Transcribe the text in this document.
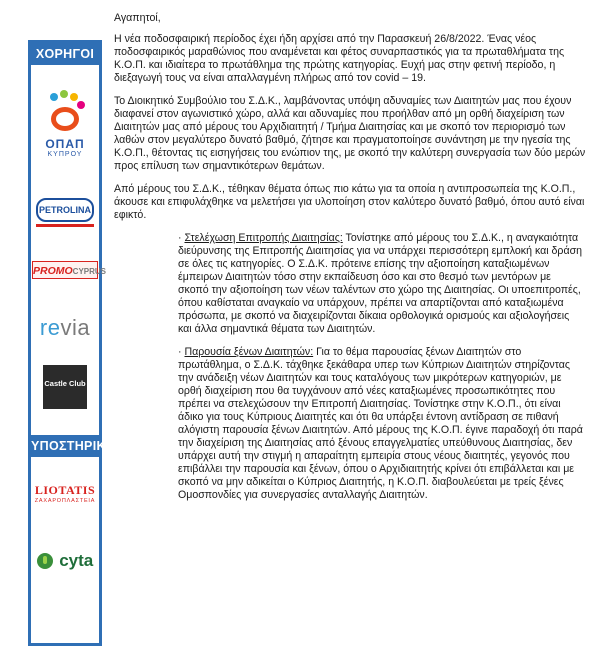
ΧΟΡΗΓΟΙ
ΟΠΑΠ
ΚΥΠΡΟΥ
PETROLINA
PROMOCYPRUS
revia
Castle Club
ΥΠΟΣΤΗΡΙΚΤΕΣ
LIOTATIS
ΖΑΧΑΡΟΠΛΑΣΤΕΙΑ
cyta

Αγαπητοί,

Η νέα ποδοσφαιρική περίοδος έχει ήδη αρχίσει από την Παρασκευή 26/8/2022. Ένας νέος ποδοσφαιρικός μαραθώνιος που αναμένεται και φέτος συναρπαστικός για τα πρωταθλήματα της Κ.Ο.Π. και ιδιαίτερα το πρωτάθλημα της πρώτης κατηγορίας. Ευχή μας στην φετινή περίοδο, η διεξαγωγή τους να είναι απαλλαγμένη πλήρως από τον covid – 19.

Το Διοικητικό Συμβούλιο του Σ.Δ.Κ., λαμβάνοντας υπόψη αδυναμίες των Διαιτητών μας που έχουν διαφανεί στον αγωνιστικό χώρο, αλλά και αδυναμίες που προήλθαν από μη ορθή διαχείριση των Διαιτητών μας από μέρους του Αρχιδιαιτητή / Τμήμα Διαιτησίας και με σκοπό τον περιορισμό των λαθών στον μεγαλύτερο δυνατό βαθμό, ζήτησε και πραγματοποίησε συνάντηση με την ηγεσία της Κ.Ο.Π., θέτοντας τις εισηγήσεις του ενώπιον της, με σκοπό την καλύτερη συνεργασία των δύο μερών προς επίλυση των σημαντικότερων θεμάτων.

Από μέρους του Σ.Δ.Κ., τέθηκαν θέματα όπως πιο κάτω για τα οποία η αντιπροσωπεία της Κ.Ο.Π., άκουσε και επιφυλάχθηκε να μελετήσει για υλοποίηση στον καλύτερο δυνατό βαθμό, όπου αυτό είναι εφικτό.

· Στελέχωση Επιτροπής Διαιτησίας: Τονίστηκε από μέρους του Σ.Δ.Κ., η αναγκαιότητα διεύρυνσης της Επιτροπής Διαιτησίας για να υπάρχει περισσότερη εμπλοκή και δράση σε όλες τις κατηγορίες. Ο Σ.Δ.Κ. πρότεινε επίσης την αξιοποίηση καταξιωμένων έμπειρων Διαιτητών τόσο στην εκπαίδευση όσο και στο θεσμό των μεντόρων με σκοπό την αξιοποίηση των νέων ταλέντων στο χώρο της Διαιτησίας. Οι υποεπιτροπές, όπου καθίσταται αναγκαίο να υπάρχουν, πρέπει να απαρτίζονται από καταξιωμένα πρόσωπα, με σκοπό να διαχειρίζονται δίκαια ορθολογικά ορισμούς και αξιολογήσεις και άλλα σημαντικά θέματα των Διαιτητών.

· Παρουσία ξένων Διαιτητών: Για το θέμα παρουσίας ξένων Διαιτητών στο πρωτάθλημα, ο Σ.Δ.Κ. τάχθηκε ξεκάθαρα υπερ των Κύπριων Διαιτητών στηρίζοντας την ανάδειξη νέων Διαιτητών και τους καταλόγους των μικρότερων κατηγοριών, με ορθή διαχείριση που θα τυγχάνουν από νέες καταξιωμένες προσωπικότητες που πρέπει να στελεχώσουν την Επιτροπή Διαιτησίας. Τονίστηκε στην Κ.Ο.Π., ότι είναι άδικο για τους Κύπριους Διαιτητές και ότι θα υπάρξει έντονη αντίδραση σε πιθανή αλόγιστη παρουσία ξένων Διαιτητών. Από μέρους της Κ.Ο.Π. έγινε παραδοχή ότι παρά την διαχείριση της Διαιτησίας από ξένους επαγγελματίες υπεύθυνους Διαιτησίας, δεν υπάρχει αυτή την στιγμή η απαραίτητη εμπειρία στους νέους διαιτητές, γεγονός που επιβάλλει την παρουσία και ξένων, όπου ο Αρχιδιαιτητής κρίνει ότι επιβάλλεται και με σκοπό να μην αδικείται ο Κύπριος Διαιτητής, η Κ.Ο.Π. διαβουλεύεται με τρείς ξένες Ομοσπονδίες για συνεργασίες ανταλλαγής Διαιτητών.
